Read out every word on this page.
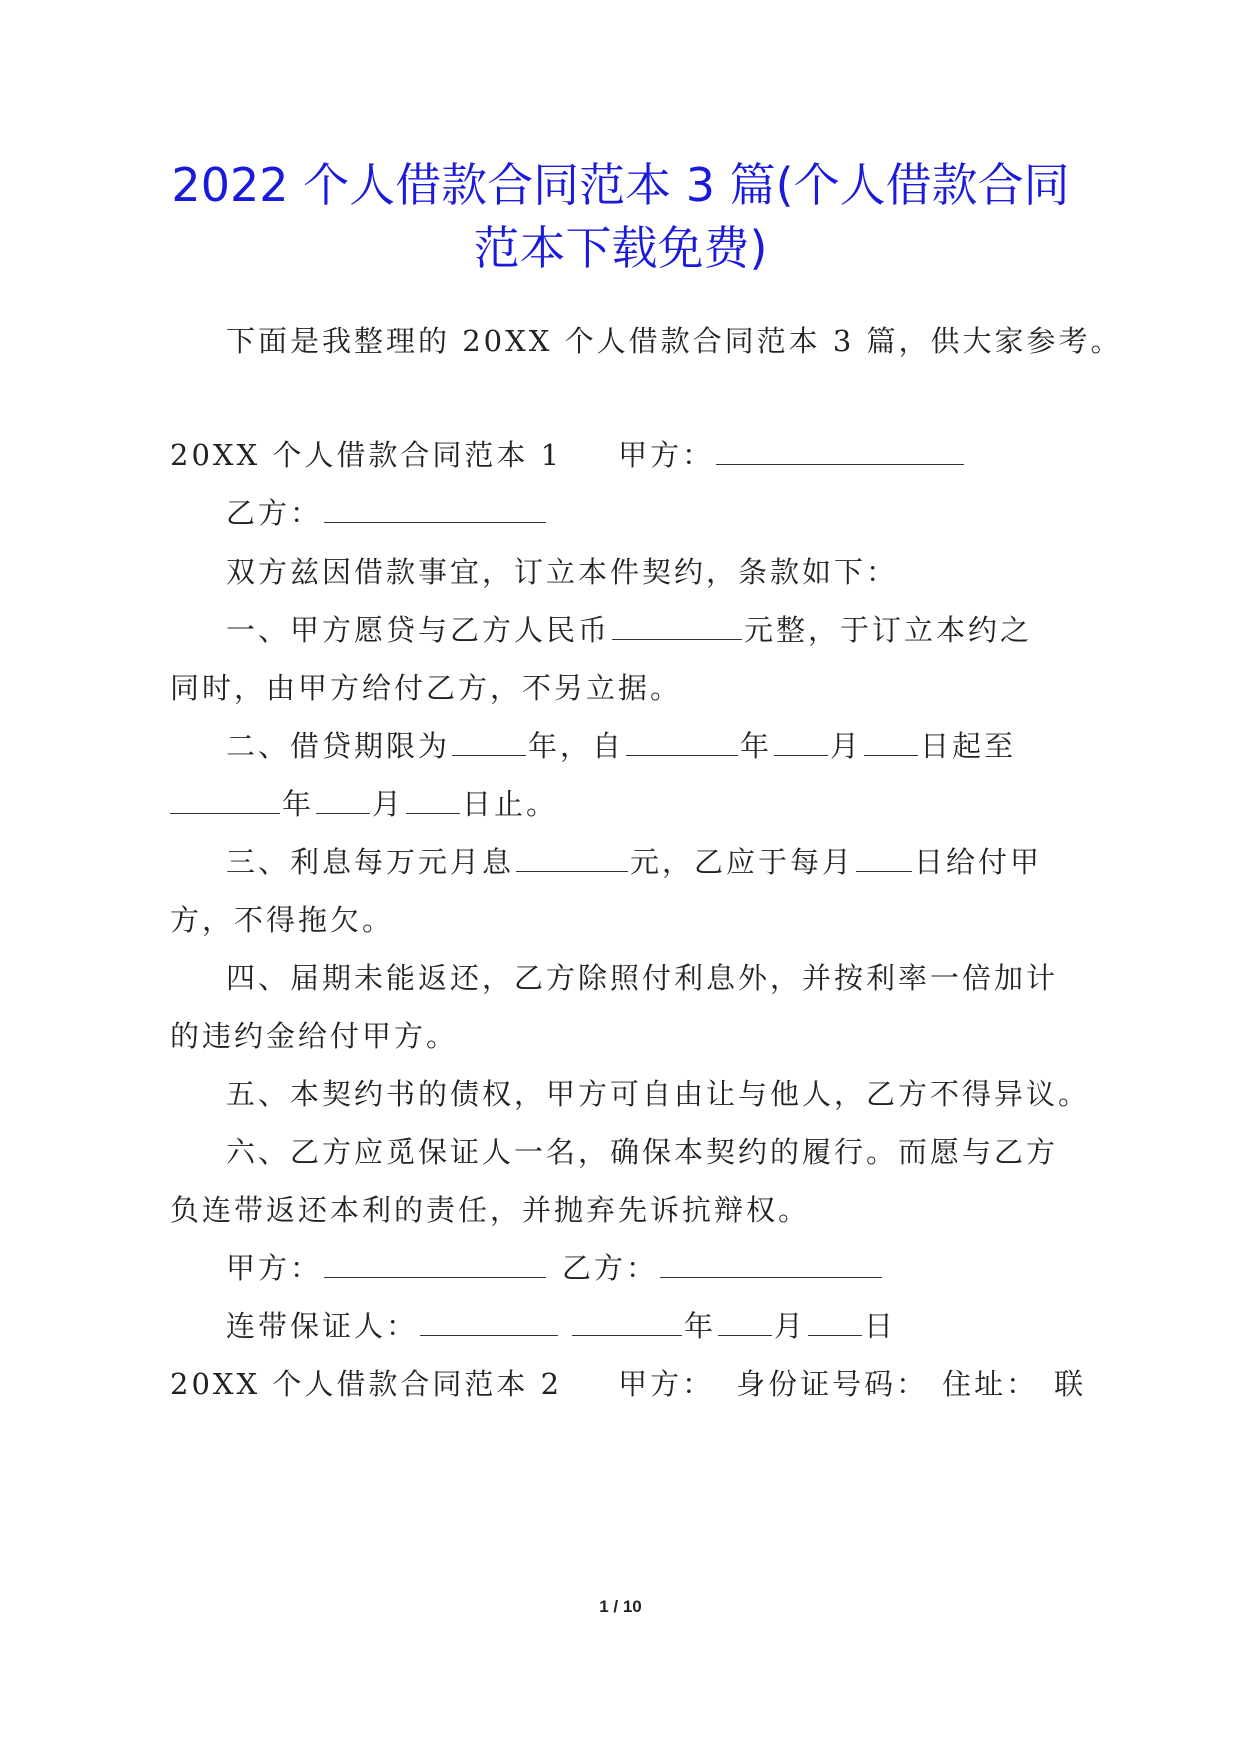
2022 个人借款合同范本 3 篇(个人借款合同
范本下载免费)
下面是我整理的 20XX 个人借款合同范本 3 篇，供大家参考。
20XX 个人借款合同范本 1 甲方：
乙方：
双方兹因借款事宜，订立本件契约，条款如下：
一、甲方愿贷与乙方人民币	元整，于订立本约之
同时，由甲方给付乙方，不另立据。
二、借贷期限为	年，自	年 月 日起至
年 月 日止。
三、利息每万元月息	元，乙应于每月 日给付甲
方，不得拖欠。
四、届期未能返还，乙方除照付利息外，并按利率一倍加计
的违约金给付甲方。
五、本契约书的债权，甲方可自由让与他人，乙方不得异议。
六、乙方应觅保证人一名，确保本契约的履行。而愿与乙方
负连带返还本利的责任，并抛弃先诉抗辩权。
甲方：	乙方：
连带保证人：	年 月 日
20XX 个人借款合同范本 2 甲方： 身份证号码： 住址： 联
1 / 10
